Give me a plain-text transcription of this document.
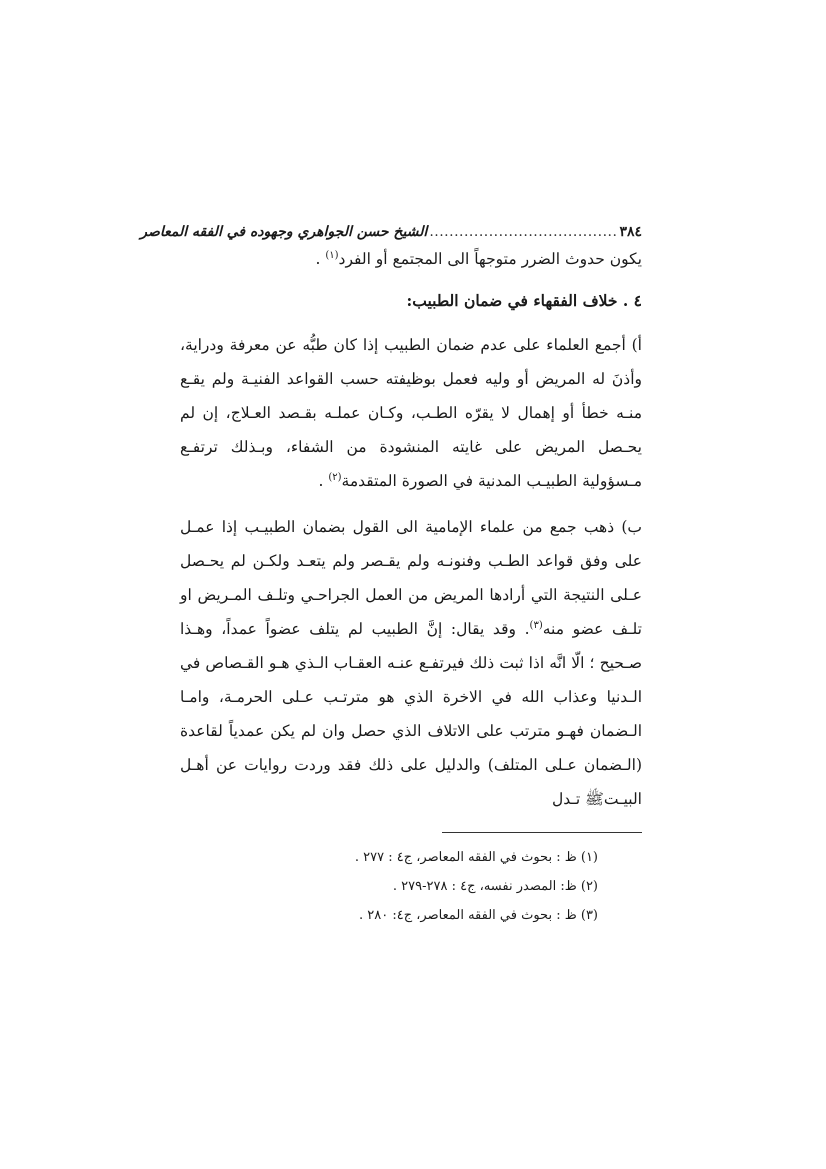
٣٨٤
......................................
الشيخ حسن الجواهري وجهوده في الفقه المعاصر

يكون حدوث الضرر متوجهاً الى المجتمع أو الفرد$^{(١)}$ .

٤ . خلاف الفقهاء في ضمان الطبيب:

أ) أجمع العلماء على عدم ضمان الطبيب إذا كان طبُّه عن معرفة ودراية، وأذنَ له المريض أو وليه فعمل بوظيفته حسب القواعد الفنيـة ولم يقـع منـه خطأ أو إهمال لا يقرّه الطـب، وكـان عملـه بقـصد العـلاج، إن لم يحـصل المريض على غايته المنشودة من الشفاء، وبـذلك ترتفـع مـسؤولية الطبيـب المدنية في الصورة المتقدمة$^{(٢)}$ .

ب) ذهب جمع من علماء الإمامية الى القول بضمان الطبيـب إذا عمـل على وفق قواعد الطـب وفنونـه ولم يقـصر ولم يتعـد ولكـن لم يحـصل عـلى النتيجة التي أرادها المريض من العمل الجراحـي وتلـف المـريض او تلـف عضو منه$^{(٣)}$. وقد يقال: إنَّ الطبيب لم يتلف عضواً عمداً، وهـذا صـحيح ؛ الّا انَّه اذا ثبت ذلك فيرتفـع عنـه العقـاب الـذي هـو القـصاص في الـدنيا وعذاب الله في الاخرة الذي هو مترتـب عـلى الحرمـة، وامـا الـضمان فهـو مترتب على الاتلاف الذي حصل وان لم يكن عمدياً لقاعدة (الـضمان عـلى المتلف) والدليل على ذلك فقد وردت روايات عن أهـل البيـتﷺ تـدل

(١) ظ : بحوث في الفقه المعاصر، ج٤ : ٢٧٧ .
(٢) ظ: المصدر نفسه، ج٤ : ٢٧٨-٢٧٩ .
(٣) ظ : بحوث في الفقه المعاصر، ج٤: ٢٨٠ .
